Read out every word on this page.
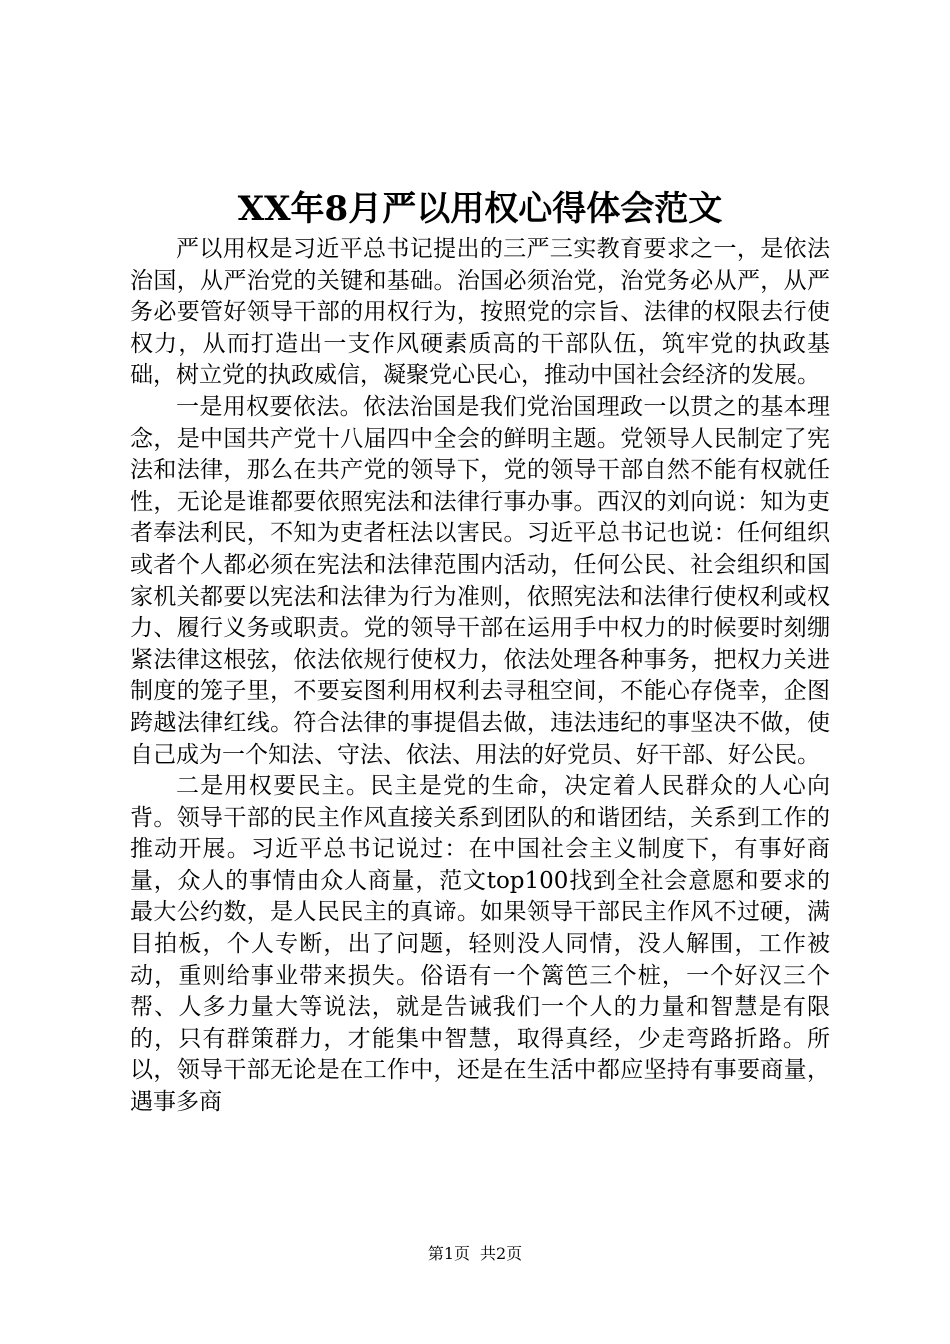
XX年8月严以用权心得体会范文

严以用权是习近平总书记提出的三严三实教育要求之一，是依法治国，从严治党的关键和基础。治国必须治党，治党务必从严，从严务必要管好领导干部的用权行为，按照党的宗旨、法律的权限去行使权力，从而打造出一支作风硬素质高的干部队伍，筑牢党的执政基础，树立党的执政威信，凝聚党心民心，推动中国社会经济的发展。

一是用权要依法。依法治国是我们党治国理政一以贯之的基本理念，是中国共产党十八届四中全会的鲜明主题。党领导人民制定了宪法和法律，那么在共产党的领导下，党的领导干部自然不能有权就任性，无论是谁都要依照宪法和法律行事办事。西汉的刘向说：知为吏者奉法利民，不知为吏者枉法以害民。习近平总书记也说：任何组织或者个人都必须在宪法和法律范围内活动，任何公民、社会组织和国家机关都要以宪法和法律为行为准则，依照宪法和法律行使权利或权力、履行义务或职责。党的领导干部在运用手中权力的时候要时刻绷紧法律这根弦，依法依规行使权力，依法处理各种事务，把权力关进制度的笼子里，不要妄图利用权利去寻租空间，不能心存侥幸，企图跨越法律红线。符合法律的事提倡去做，违法违纪的事坚决不做，使自己成为一个知法、守法、依法、用法的好党员、好干部、好公民。

二是用权要民主。民主是党的生命，决定着人民群众的人心向背。领导干部的民主作风直接关系到团队的和谐团结，关系到工作的推动开展。习近平总书记说过：在中国社会主义制度下，有事好商量，众人的事情由众人商量，范文top100找到全社会意愿和要求的最大公约数，是人民民主的真谛。如果领导干部民主作风不过硬，满目拍板，个人专断，出了问题，轻则没人同情，没人解围，工作被动，重则给事业带来损失。俗语有一个篱笆三个桩，一个好汉三个帮、人多力量大等说法，就是告诫我们一个人的力量和智慧是有限的，只有群策群力，才能集中智慧，取得真经，少走弯路折路。所以，领导干部无论是在工作中，还是在生活中都应坚持有事要商量，遇事多商

第1页 共2页
